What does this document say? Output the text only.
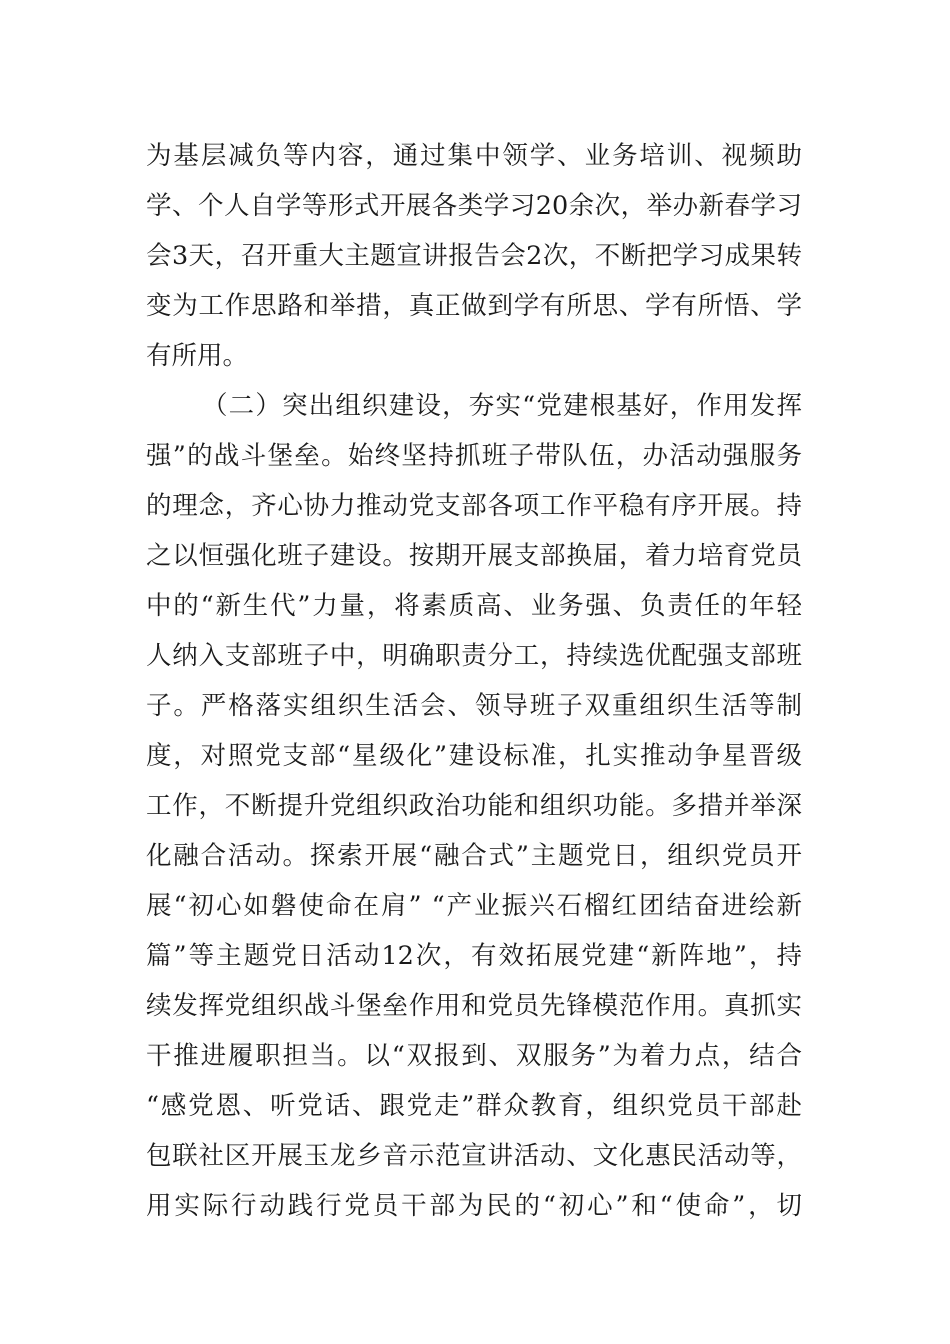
为基层减负等内容，通过集中领学、业务培训、视频助
学、个人自学等形式开展各类学习20余次，举办新春学习
会3天，召开重大主题宣讲报告会2次，不断把学习成果转
变为工作思路和举措，真正做到学有所思、学有所悟、学
有所用。
（二）突出组织建设，夯实“党建根基好，作用发挥
强”的战斗堡垒。始终坚持抓班子带队伍，办活动强服务
的理念，齐心协力推动党支部各项工作平稳有序开展。持
之以恒强化班子建设。按期开展支部换届，着力培育党员
中的“新生代”力量，将素质高、业务强、负责任的年轻
人纳入支部班子中，明确职责分工，持续选优配强支部班
子。严格落实组织生活会、领导班子双重组织生活等制
度，对照党支部“星级化”建设标准，扎实推动争星晋级
工作，不断提升党组织政治功能和组织功能。多措并举深
化融合活动。探索开展“融合式”主题党日，组织党员开
展“初心如磐使命在肩” “产业振兴石榴红团结奋进绘新
篇”等主题党日活动12次，有效拓展党建“新阵地”，持
续发挥党组织战斗堡垒作用和党员先锋模范作用。真抓实
干推进履职担当。以“双报到、双服务”为着力点，结合
“感党恩、听党话、跟党走”群众教育，组织党员干部赴
包联社区开展玉龙乡音示范宣讲活动、文化惠民活动等，
用实际行动践行党员干部为民的“初心”和“使命”，切
